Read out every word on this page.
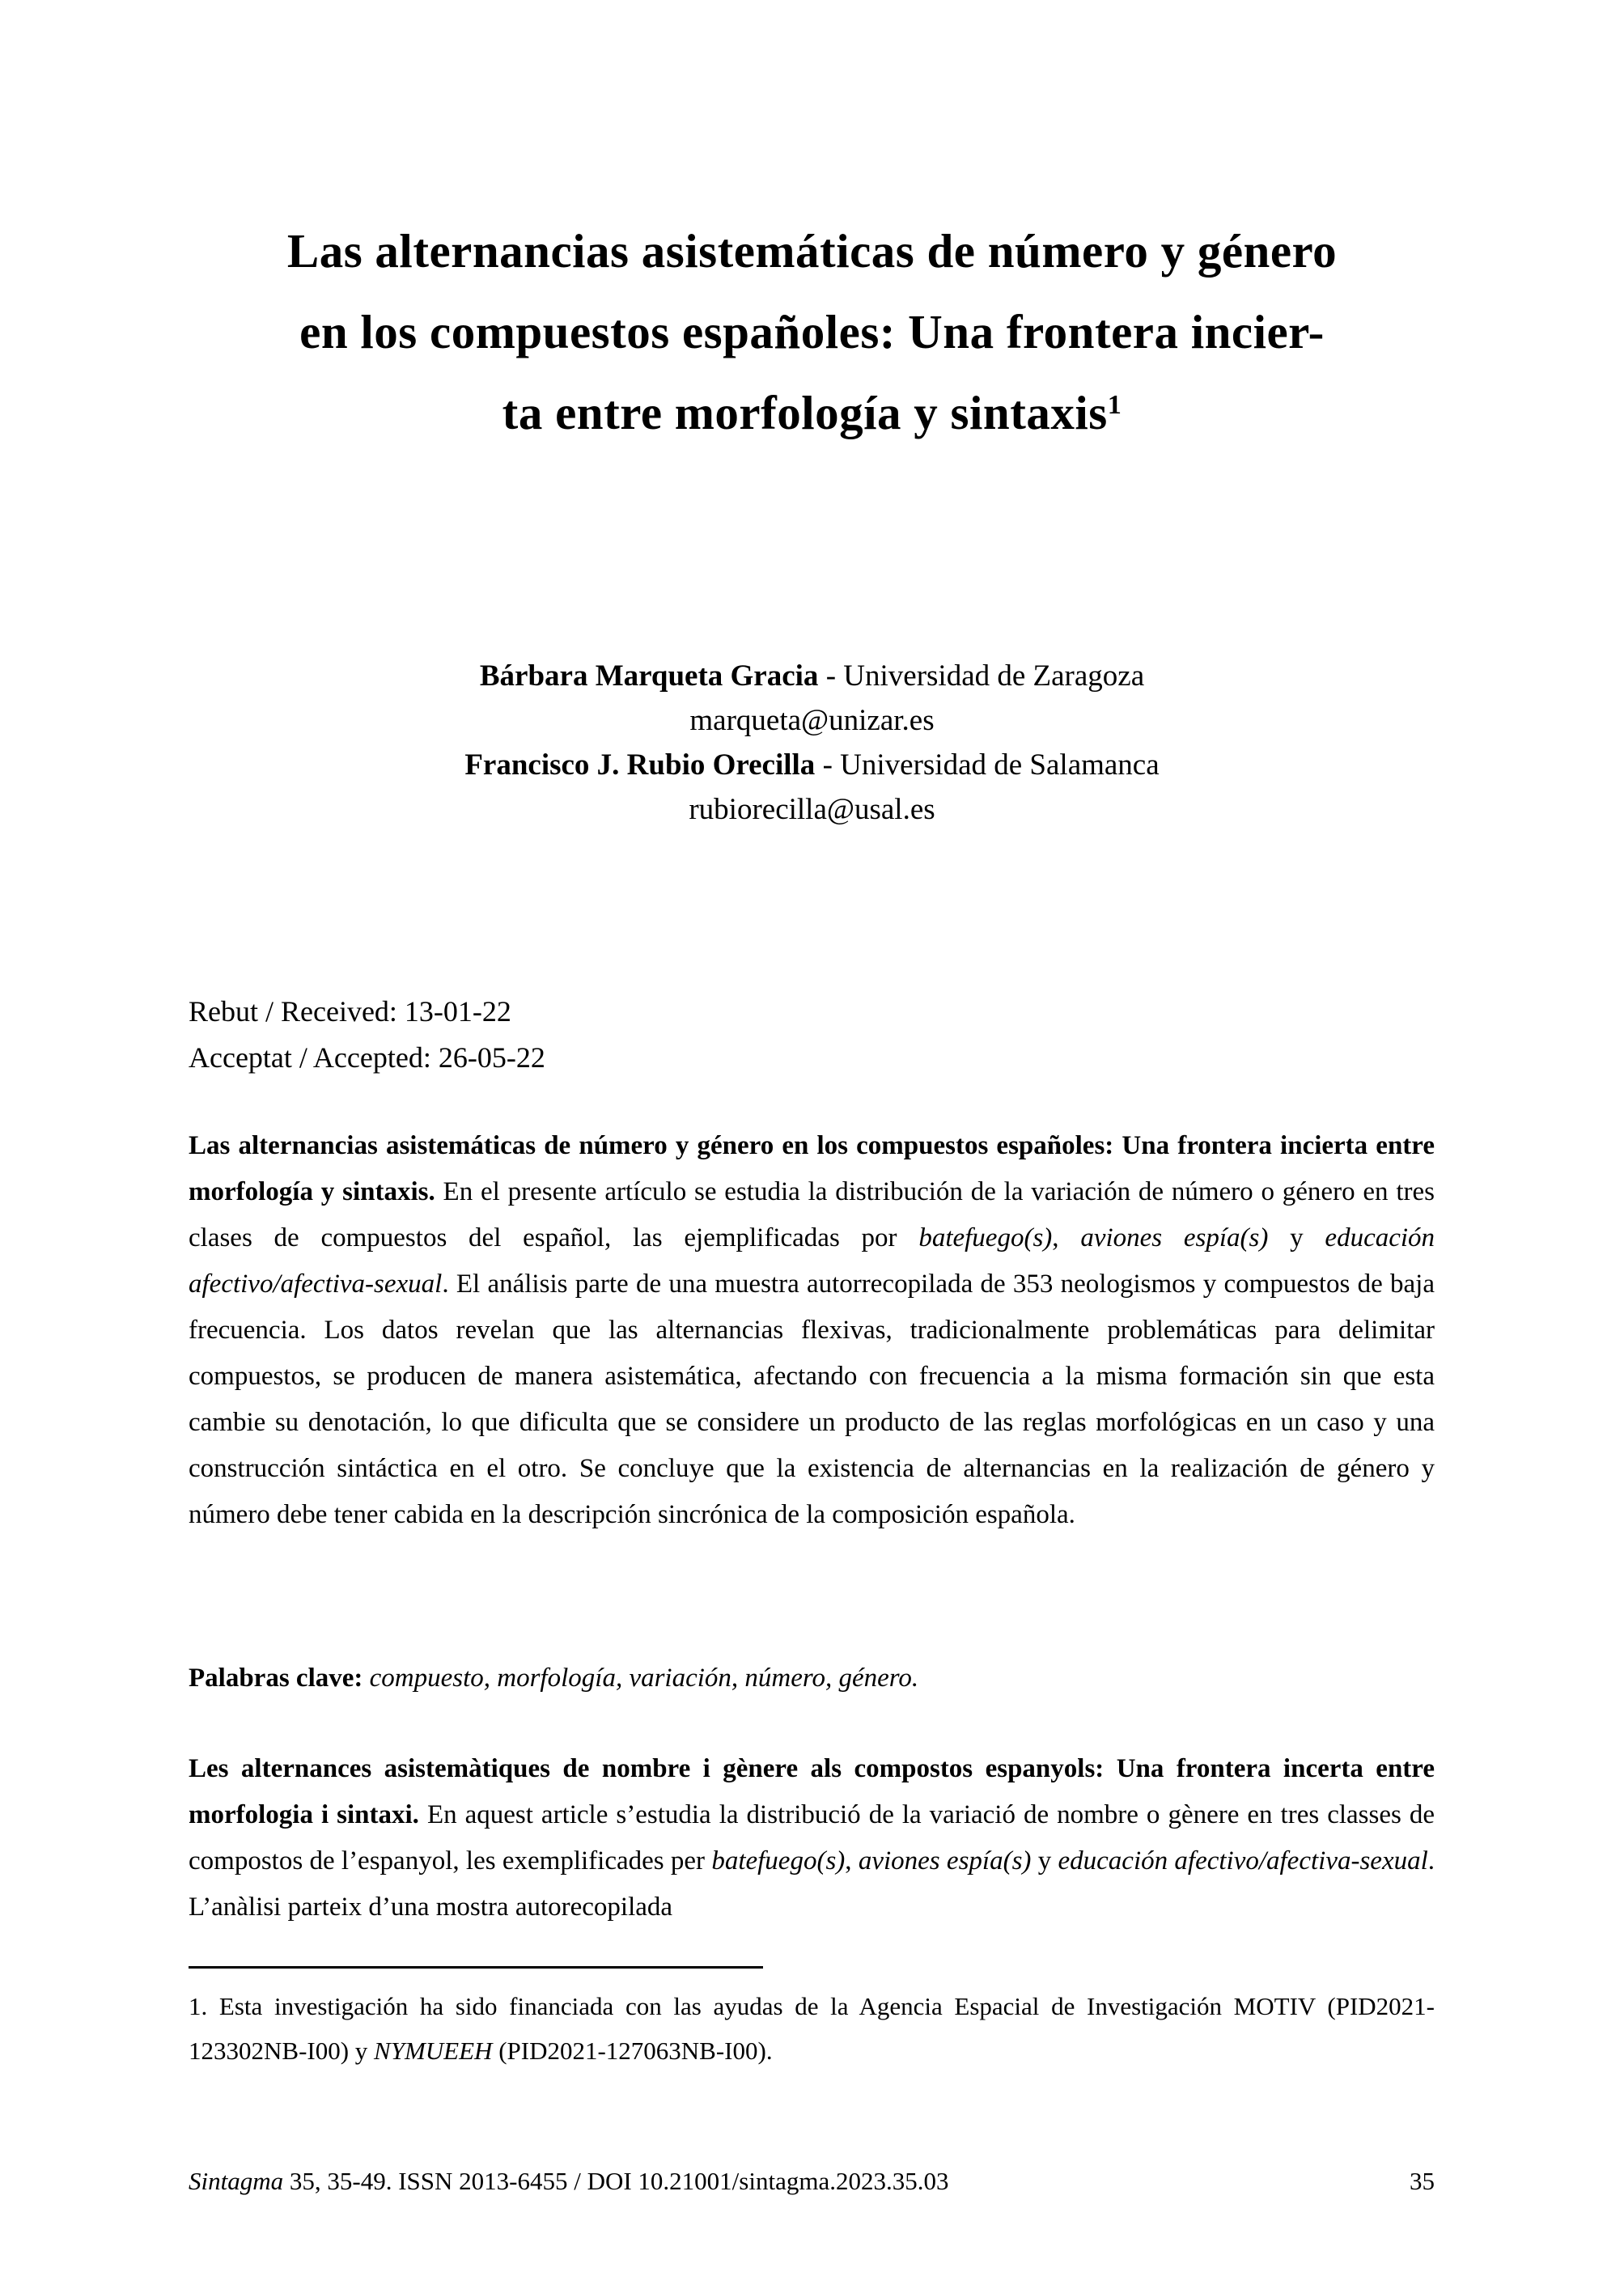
Las alternancias asistemáticas de número y género
en los compuestos españoles: Una frontera incier-
ta entre morfología y sintaxis$^1$
Bárbara Marqueta Gracia - Universidad de Zaragoza
marqueta@unizar.es
Francisco J. Rubio Orecilla - Universidad de Salamanca
rubiorecilla@usal.es
Rebut / Received: 13-01-22
Acceptat / Accepted: 26-05-22

Las alternancias asistemáticas de número y género en los compuestos españoles: Una frontera incierta entre morfología y sintaxis. En el presente artículo se estudia la distribución de la variación de número o género en tres clases de compuestos del español, las ejemplificadas por batefuego(s), aviones espía(s) y educación afectivo/afectiva-sexual. El análisis parte de una muestra autorrecopilada de 353 neologismos y compuestos de baja frecuencia. Los datos revelan que las alternancias flexivas, tradicionalmente problemáticas para delimitar compuestos, se producen de manera asistemática, afectando con frecuencia a la misma formación sin que esta cambie su denotación, lo que dificulta que se considere un producto de las reglas morfológicas en un caso y una construcción sintáctica en el otro. Se concluye que la existencia de alternancias en la realización de género y número debe tener cabida en la descripción sincrónica de la composición española.

Palabras clave: compuesto, morfología, variación, número, género.

Les alternances asistemàtiques de nombre i gènere als compostos espanyols: Una frontera incerta entre morfologia i sintaxi. En aquest article s’estudia la distribució de la variació de nombre o gènere en tres classes de compostos de l’espanyol, les exemplificades per batefuego(s), aviones espía(s) y educación afectivo/afectiva-sexual. L’anàlisi parteix d’una mostra autorecopilada

1. Esta investigación ha sido financiada con las ayudas de la Agencia Espacial de Investigación MOTIV (PID2021-123302NB-I00) y NYMUEEH (PID2021-127063NB-I00).

Sintagma 35, 35-49. ISSN 2013-6455 / DOI 10.21001/sintagma.2023.35.03	35
